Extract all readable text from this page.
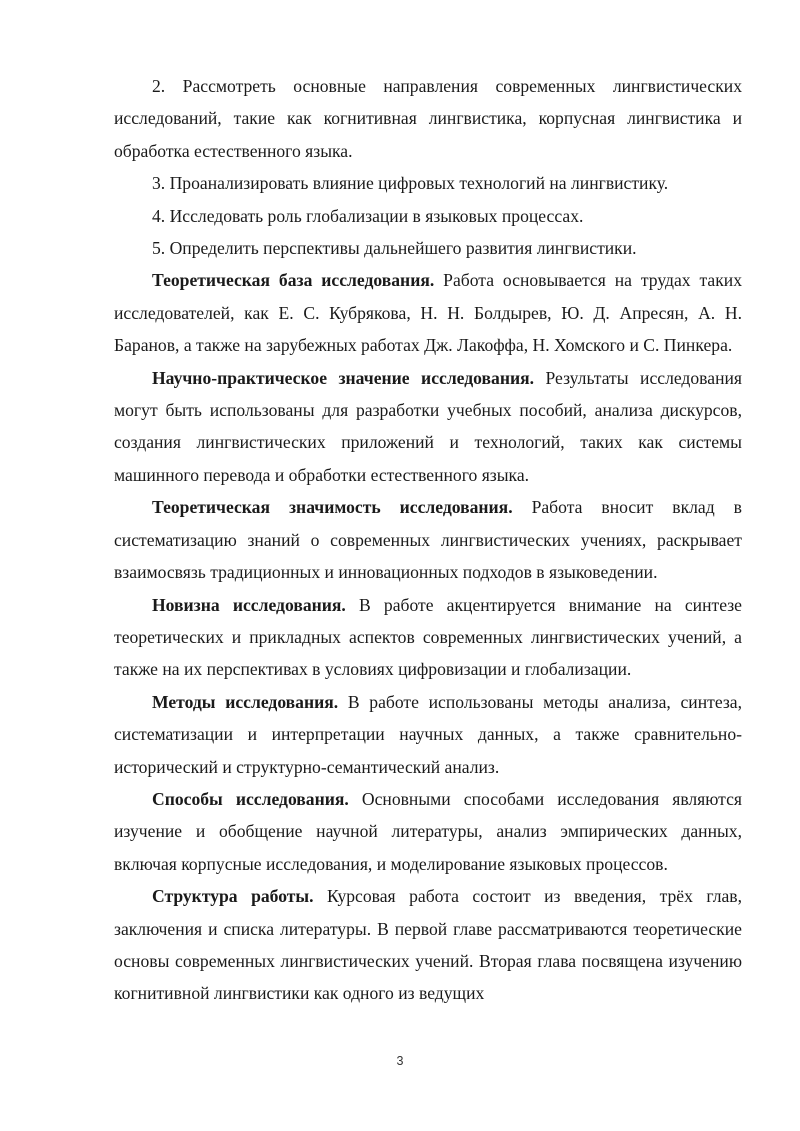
2. Рассмотреть основные направления современных лингвистических исследований, такие как когнитивная лингвистика, корпусная лингвистика и обработка естественного языка.

3. Проанализировать влияние цифровых технологий на лингвистику.

4. Исследовать роль глобализации в языковых процессах.

5. Определить перспективы дальнейшего развития лингвистики.

Теоретическая база исследования. Работа основывается на трудах таких исследователей, как Е. С. Кубрякова, Н. Н. Болдырев, Ю. Д. Апресян, А. Н. Баранов, а также на зарубежных работах Дж. Лакоффа, Н. Хомского и С. Пинкера.

Научно-практическое значение исследования. Результаты исследования могут быть использованы для разработки учебных пособий, анализа дискурсов, создания лингвистических приложений и технологий, таких как системы машинного перевода и обработки естественного языка.

Теоретическая значимость исследования. Работа вносит вклад в систематизацию знаний о современных лингвистических учениях, раскрывает взаимосвязь традиционных и инновационных подходов в языковедении.

Новизна исследования. В работе акцентируется внимание на синтезе теоретических и прикладных аспектов современных лингвистических учений, а также на их перспективах в условиях цифровизации и глобализации.

Методы исследования. В работе использованы методы анализа, синтеза, систематизации и интерпретации научных данных, а также сравнительно-исторический и структурно-семантический анализ.

Способы исследования. Основными способами исследования являются изучение и обобщение научной литературы, анализ эмпирических данных, включая корпусные исследования, и моделирование языковых процессов.

Структура работы. Курсовая работа состоит из введения, трёх глав, заключения и списка литературы. В первой главе рассматриваются теоретические основы современных лингвистических учений. Вторая глава посвящена изучению когнитивной лингвистики как одного из ведущих

3
